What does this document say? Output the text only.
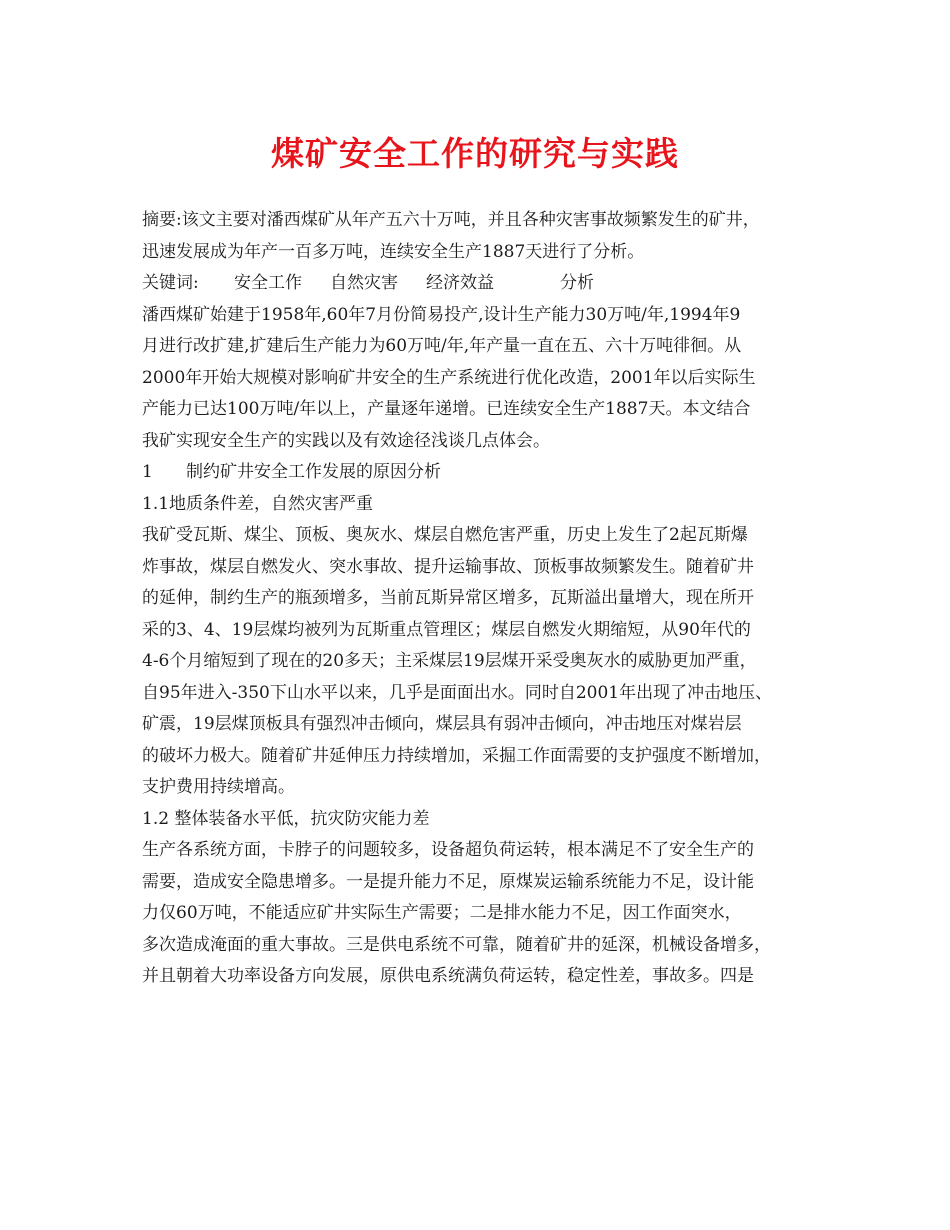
煤矿安全工作的研究与实践
摘要:该文主要对潘西煤矿从年产五六十万吨，并且各种灾害事故频繁发生的矿井，
迅速发展成为年产一百多万吨，连续安全生产1887天进行了分析。
关键词: 安全工作 自然灾害 经济效益	分析
潘西煤矿始建于1958年,60年7月份简易投产,设计生产能力30万吨/年,1994年9
月进行改扩建,扩建后生产能力为60万吨/年,年产量一直在五、六十万吨徘徊。从
2000年开始大规模对影响矿井安全的生产系统进行优化改造，2001年以后实际生
产能力已达100万吨/年以上，产量逐年递增。已连续安全生产1887天。本文结合
我矿实现安全生产的实践以及有效途径浅谈几点体会。
1 制约矿井安全工作发展的原因分析
1.1地质条件差，自然灾害严重
我矿受瓦斯、煤尘、顶板、奥灰水、煤层自燃危害严重，历史上发生了2起瓦斯爆
炸事故，煤层自燃发火、突水事故、提升运输事故、顶板事故频繁发生。随着矿井
的延伸，制约生产的瓶颈增多，当前瓦斯异常区增多，瓦斯溢出量增大，现在所开
采的3、4、19层煤均被列为瓦斯重点管理区；煤层自燃发火期缩短，从90年代的
4-6个月缩短到了现在的20多天；主采煤层19层煤开采受奥灰水的威胁更加严重，
自95年进入-350下山水平以来，几乎是面面出水。同时自2001年出现了冲击地压、
矿震，19层煤顶板具有强烈冲击倾向，煤层具有弱冲击倾向，冲击地压对煤岩层
的破坏力极大。随着矿井延伸压力持续增加，采掘工作面需要的支护强度不断增加，
支护费用持续增高。
1.2 整体装备水平低，抗灾防灾能力差
生产各系统方面，卡脖子的问题较多，设备超负荷运转，根本满足不了安全生产的
需要，造成安全隐患增多。一是提升能力不足，原煤炭运输系统能力不足，设计能
力仅60万吨，不能适应矿井实际生产需要；二是排水能力不足，因工作面突水，
多次造成淹面的重大事故。三是供电系统不可靠，随着矿井的延深，机械设备增多，
并且朝着大功率设备方向发展，原供电系统满负荷运转，稳定性差，事故多。四是
